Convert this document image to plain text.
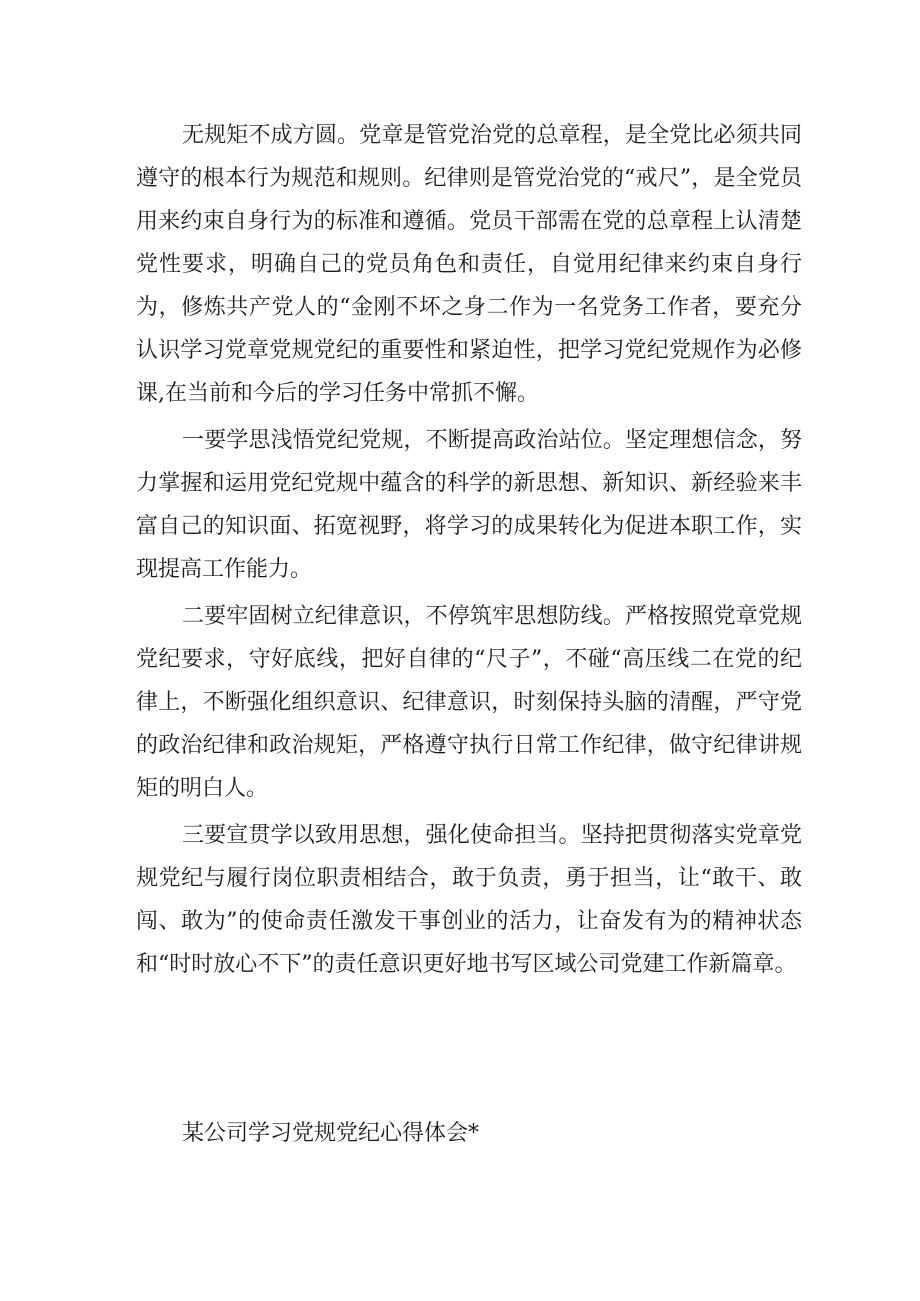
无规矩不成方圆。党章是管党治党的总章程，是全党比必须共同遵守的根本行为规范和规则。纪律则是管党治党的“戒尺”，是全党员用来约束自身行为的标准和遵循。党员干部需在党的总章程上认清楚党性要求，明确自己的党员角色和责任，自觉用纪律来约束自身行为，修炼共产党人的“金刚不坏之身二作为一名党务工作者，要充分认识学习党章党规党纪的重要性和紧迫性，把学习党纪党规作为必修课,在当前和今后的学习任务中常抓不懈。

一要学思浅悟党纪党规，不断提高政治站位。坚定理想信念，努力掌握和运用党纪党规中蕴含的科学的新思想、新知识、新经验来丰富自己的知识面、拓宽视野，将学习的成果转化为促进本职工作，实现提高工作能力。

二要牢固树立纪律意识，不停筑牢思想防线。严格按照党章党规党纪要求，守好底线，把好自律的“尺子”，不碰“高压线二在党的纪律上，不断强化组织意识、纪律意识，时刻保持头脑的清醒，严守党的政治纪律和政治规矩，严格遵守执行日常工作纪律，做守纪律讲规矩的明白人。

三要宣贯学以致用思想，强化使命担当。坚持把贯彻落实党章党规党纪与履行岗位职责相结合，敢于负责，勇于担当，让“敢干、敢闯、敢为”的使命责任激发干事创业的活力，让奋发有为的精神状态和“时时放心不下”的责任意识更好地书写区域公司党建工作新篇章。

某公司学习党规党纪心得体会*
